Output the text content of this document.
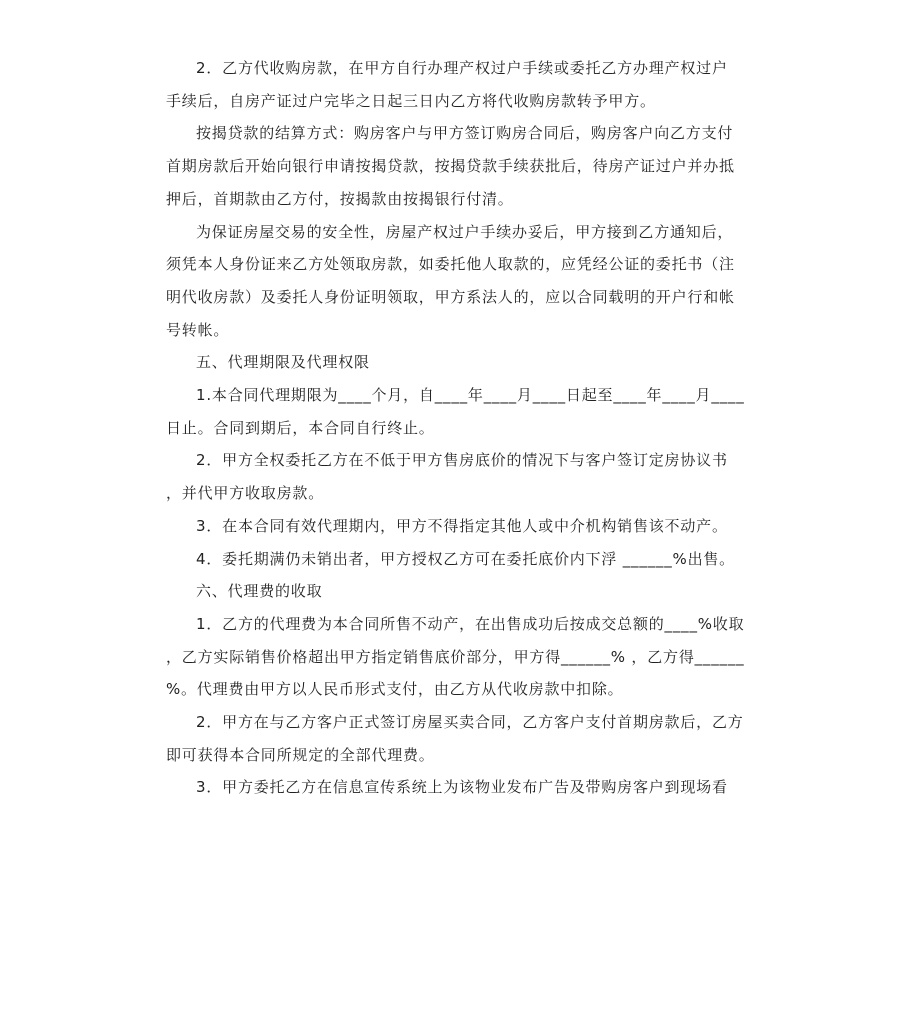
2．乙方代收购房款，在甲方自行办理产权过户手续或委托乙方办理产权过户
手续后，自房产证过户完毕之日起三日内乙方将代收购房款转予甲方。
按揭贷款的结算方式：购房客户与甲方签订购房合同后，购房客户向乙方支付
首期房款后开始向银行申请按揭贷款，按揭贷款手续获批后，待房产证过户并办抵
押后，首期款由乙方付，按揭款由按揭银行付清。
为保证房屋交易的安全性，房屋产权过户手续办妥后，甲方接到乙方通知后，
须凭本人身份证来乙方处领取房款，如委托他人取款的，应凭经公证的委托书（注
明代收房款）及委托人身份证明领取，甲方系法人的，应以合同载明的开户行和帐
号转帐。
五、代理期限及代理权限
1.本合同代理期限为____个月，自____年____月____日起至____年____月____
日止。合同到期后，本合同自行终止。
2．甲方全权委托乙方在不低于甲方售房底价的情况下与客户签订定房协议书
，并代甲方收取房款。
3．在本合同有效代理期内，甲方不得指定其他人或中介机构销售该不动产。
4．委托期满仍未销出者，甲方授权乙方可在委托底价内下浮 ______%出售。
六、代理费的收取
1．乙方的代理费为本合同所售不动产，在出售成功后按成交总额的____%收取
，乙方实际销售价格超出甲方指定销售底价部分，甲方得______% ，乙方得______
%。代理费由甲方以人民币形式支付，由乙方从代收房款中扣除。
2．甲方在与乙方客户正式签订房屋买卖合同，乙方客户支付首期房款后，乙方
即可获得本合同所规定的全部代理费。
3．甲方委托乙方在信息宣传系统上为该物业发布广告及带购房客户到现场看
